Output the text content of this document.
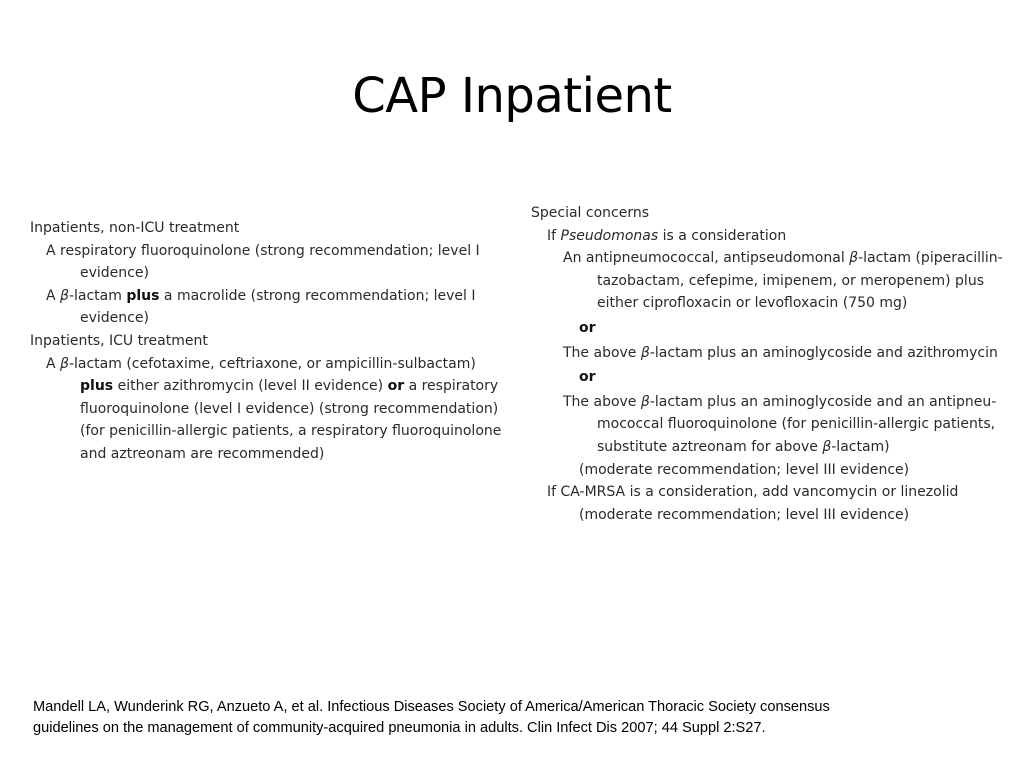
CAP Inpatient
Inpatients, non-ICU treatment
A respiratory fluoroquinolone (strong recommendation; level I
evidence)
A β-lactam plus a macrolide (strong recommendation; level I
evidence)
Inpatients, ICU treatment
A β-lactam (cefotaxime, ceftriaxone, or ampicillin-sulbactam)
plus either azithromycin (level II evidence) or a respiratory
fluoroquinolone (level I evidence) (strong recommendation)
(for penicillin-allergic patients, a respiratory fluoroquinolone
and aztreonam are recommended)
Special concerns
If Pseudomonas is a consideration
An antipneumococcal, antipseudomonal β-lactam (piperacillin-
tazobactam, cefepime, imipenem, or meropenem) plus
either ciprofloxacin or levofloxacin (750 mg)
or
The above β-lactam plus an aminoglycoside and azithromycin
or
The above β-lactam plus an aminoglycoside and an antipneu-
mococcal fluoroquinolone (for penicillin-allergic patients,
substitute aztreonam for above β-lactam)
(moderate recommendation; level III evidence)
If CA-MRSA is a consideration, add vancomycin or linezolid
(moderate recommendation; level III evidence)
Mandell LA, Wunderink RG, Anzueto A, et al. Infectious Diseases Society of America/American Thoracic Society consensus
guidelines on the management of community-acquired pneumonia in adults. Clin Infect Dis 2007; 44 Suppl 2:S27.
